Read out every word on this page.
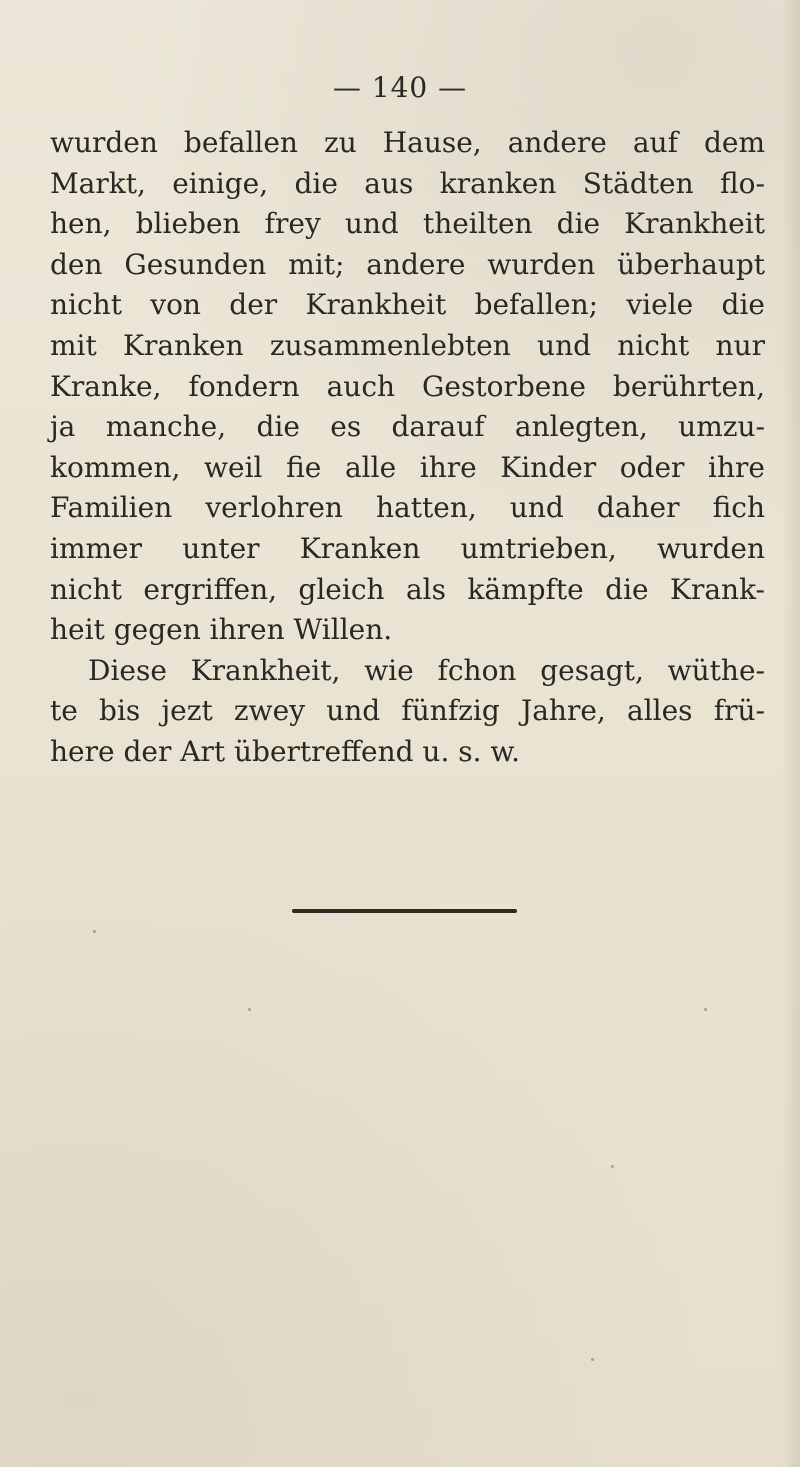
— 140 —
wurden befallen zu Hause, andere auf dem
Markt, einige, die aus kranken Städten flo-
hen, blieben frey und theilten die Krankheit
den Gesunden mit; andere wurden überhaupt
nicht von der Krankheit befallen; viele die
mit Kranken zusammenlebten und nicht nur
Kranke, fondern auch Gestorbene berührten,
ja manche, die es darauf anlegten, umzu-
kommen, weil fie alle ihre Kinder oder ihre
Familien verlohren hatten, und daher fich
immer unter Kranken umtrieben, wurden
nicht ergriffen, gleich als kämpfte die Krank-
heit gegen ihren Willen.
Diese Krankheit, wie fchon gesagt, wüthe-
te bis jezt zwey und fünfzig Jahre, alles frü-
here der Art übertreffend u. s. w.
